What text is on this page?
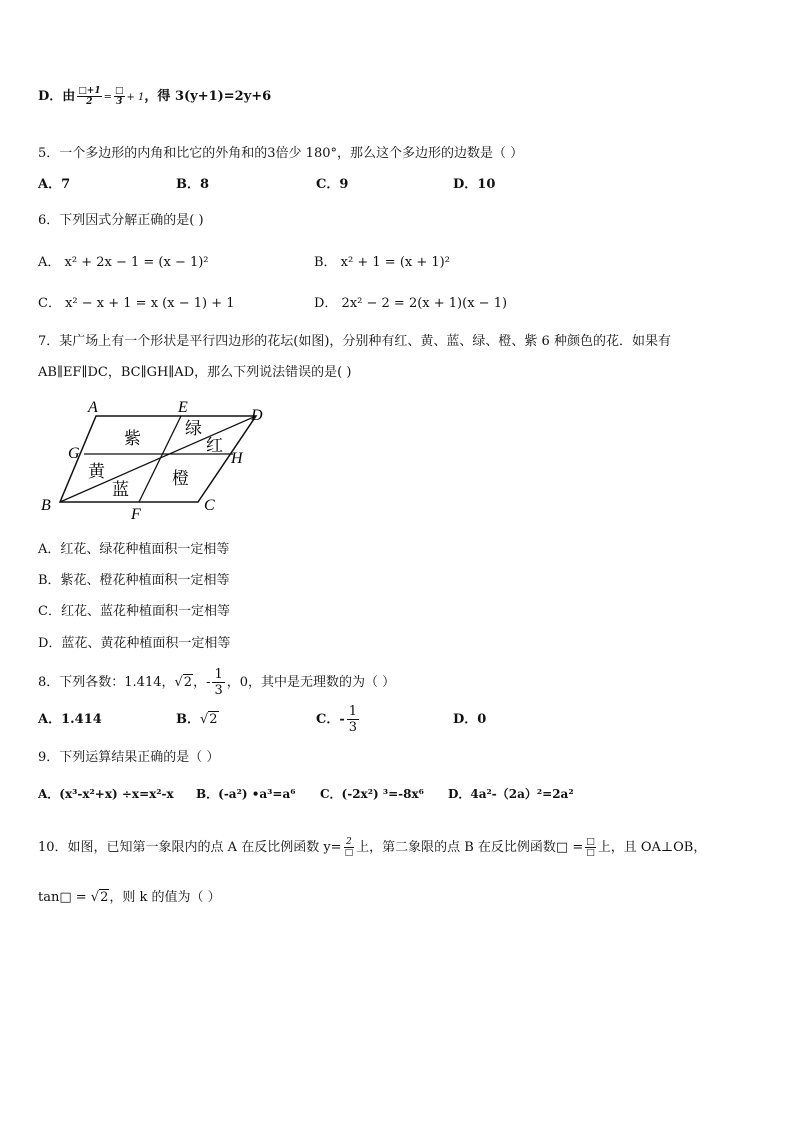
D．由 $\frac{□+1}{2} = \frac{□}{3} + 1$，得 3(y+1)=2y+6
5．一个多边形的内角和比它的外角和的3倍少 180°，那么这个多边形的边数是（ ）
A．7	B．8	C．9	D．10
6．下列因式分解正确的是( )
A． x² + 2x − 1 = (x − 1)²	B． x² + 1 = (x + 1)²
C． x² − x + 1 = x (x − 1) + 1	D． 2x² − 2 = 2(x + 1)(x − 1)
7．某广场上有一个形状是平行四边形的花坛(如图)，分别种有红、黄、蓝、绿、橙、紫 6 种颜色的花．如果有
AB∥EF∥DC，BC∥GH∥AD，那么下列说法错误的是( )
A	E	D
G	H
B
F
C
紫
绿
红
黄
蓝
橙
A．红花、绿花种植面积一定相等
B．紫花、橙花种植面积一定相等
C．红花、蓝花种植面积一定相等
D．蓝花、黄花种植面积一定相等
8．下列各数：1.414，√2，- $\frac{1}{3}$ ，0，其中是无理数的为（ ）
A．1.414	B．√2	C．- $\frac{1}{3}$	D．0
9．下列运算结果正确的是（ ）
A．(x³-x²+x) ÷x=x²-x B．(-a²) •a³=a⁶ C．(-2x²) ³=-8x⁶ D．4a²-（2a）²=2a²
10．如图，已知第一象限内的点 A 在反比例函数 $y= \frac{2}{□}$ 上，第二象限的点 B 在反比例函数□ = $\frac{□}{□}$ 上，且 OA⊥OB，
tan□ = √2，则 k 的值为（ ）
